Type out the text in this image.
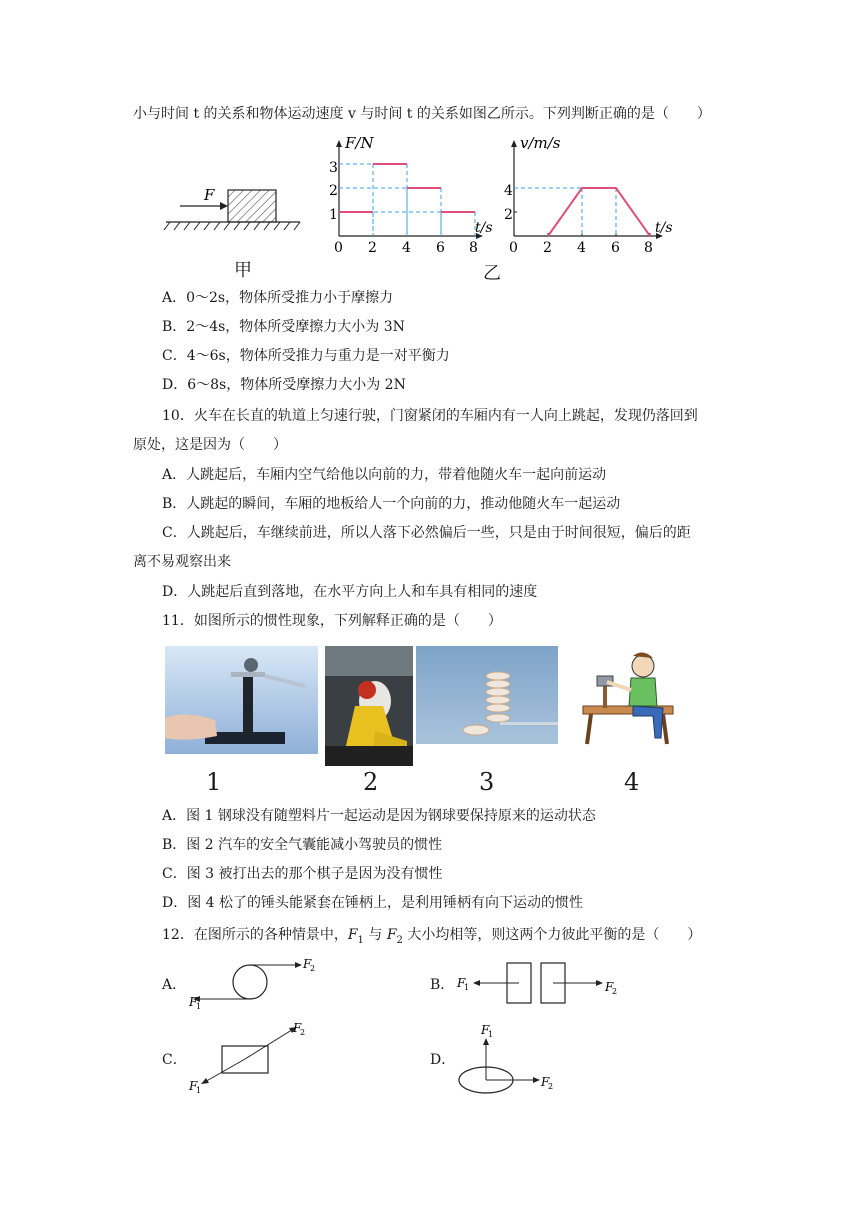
小与时间 t 的关系和物体运动速度 v 与时间 t 的关系如图乙所示。下列判断正确的是（　　）
F
甲
F/N
t/s
0 2 4 6 8
1
2
3
v/m/s
t/s
0 2 4 6 8
2
4
乙
A．0～2s，物体所受推力小于摩擦力
B．2～4s，物体所受摩擦力大小为 3N
C．4～6s，物体所受推力与重力是一对平衡力
D．6～8s，物体所受摩擦力大小为 2N
10．火车在长直的轨道上匀速行驶，门窗紧闭的车厢内有一人向上跳起，发现仍落回到
原处，这是因为（　　）
A．人跳起后，车厢内空气给他以向前的力，带着他随火车一起向前运动
B．人跳起的瞬间，车厢的地板给人一个向前的力，推动他随火车一起运动
C．人跳起后，车继续前进，所以人落下必然偏后一些，只是由于时间很短，偏后的距
离不易观察出来
D．人跳起后直到落地，在水平方向上人和车具有相同的速度
11．如图所示的惯性现象，下列解释正确的是（　　）
1	2	3	4
A．图 1 钢球没有随塑料片一起运动是因为钢球要保持原来的运动状态
B．图 2 汽车的安全气囊能减小驾驶员的惯性
C．图 3 被打出去的那个棋子是因为没有惯性
D．图 4 松了的锤头能紧套在锤柄上，是利用锤柄有向下运动的惯性
12．在图所示的各种情景中，$F_1$ 与 $F_2$ 大小均相等，则这两个力彼此平衡的是（　　）
A．	B．
C．	D．
F
2
F
1
F
1	F
2
F
2
F
1
F
1
F
2
